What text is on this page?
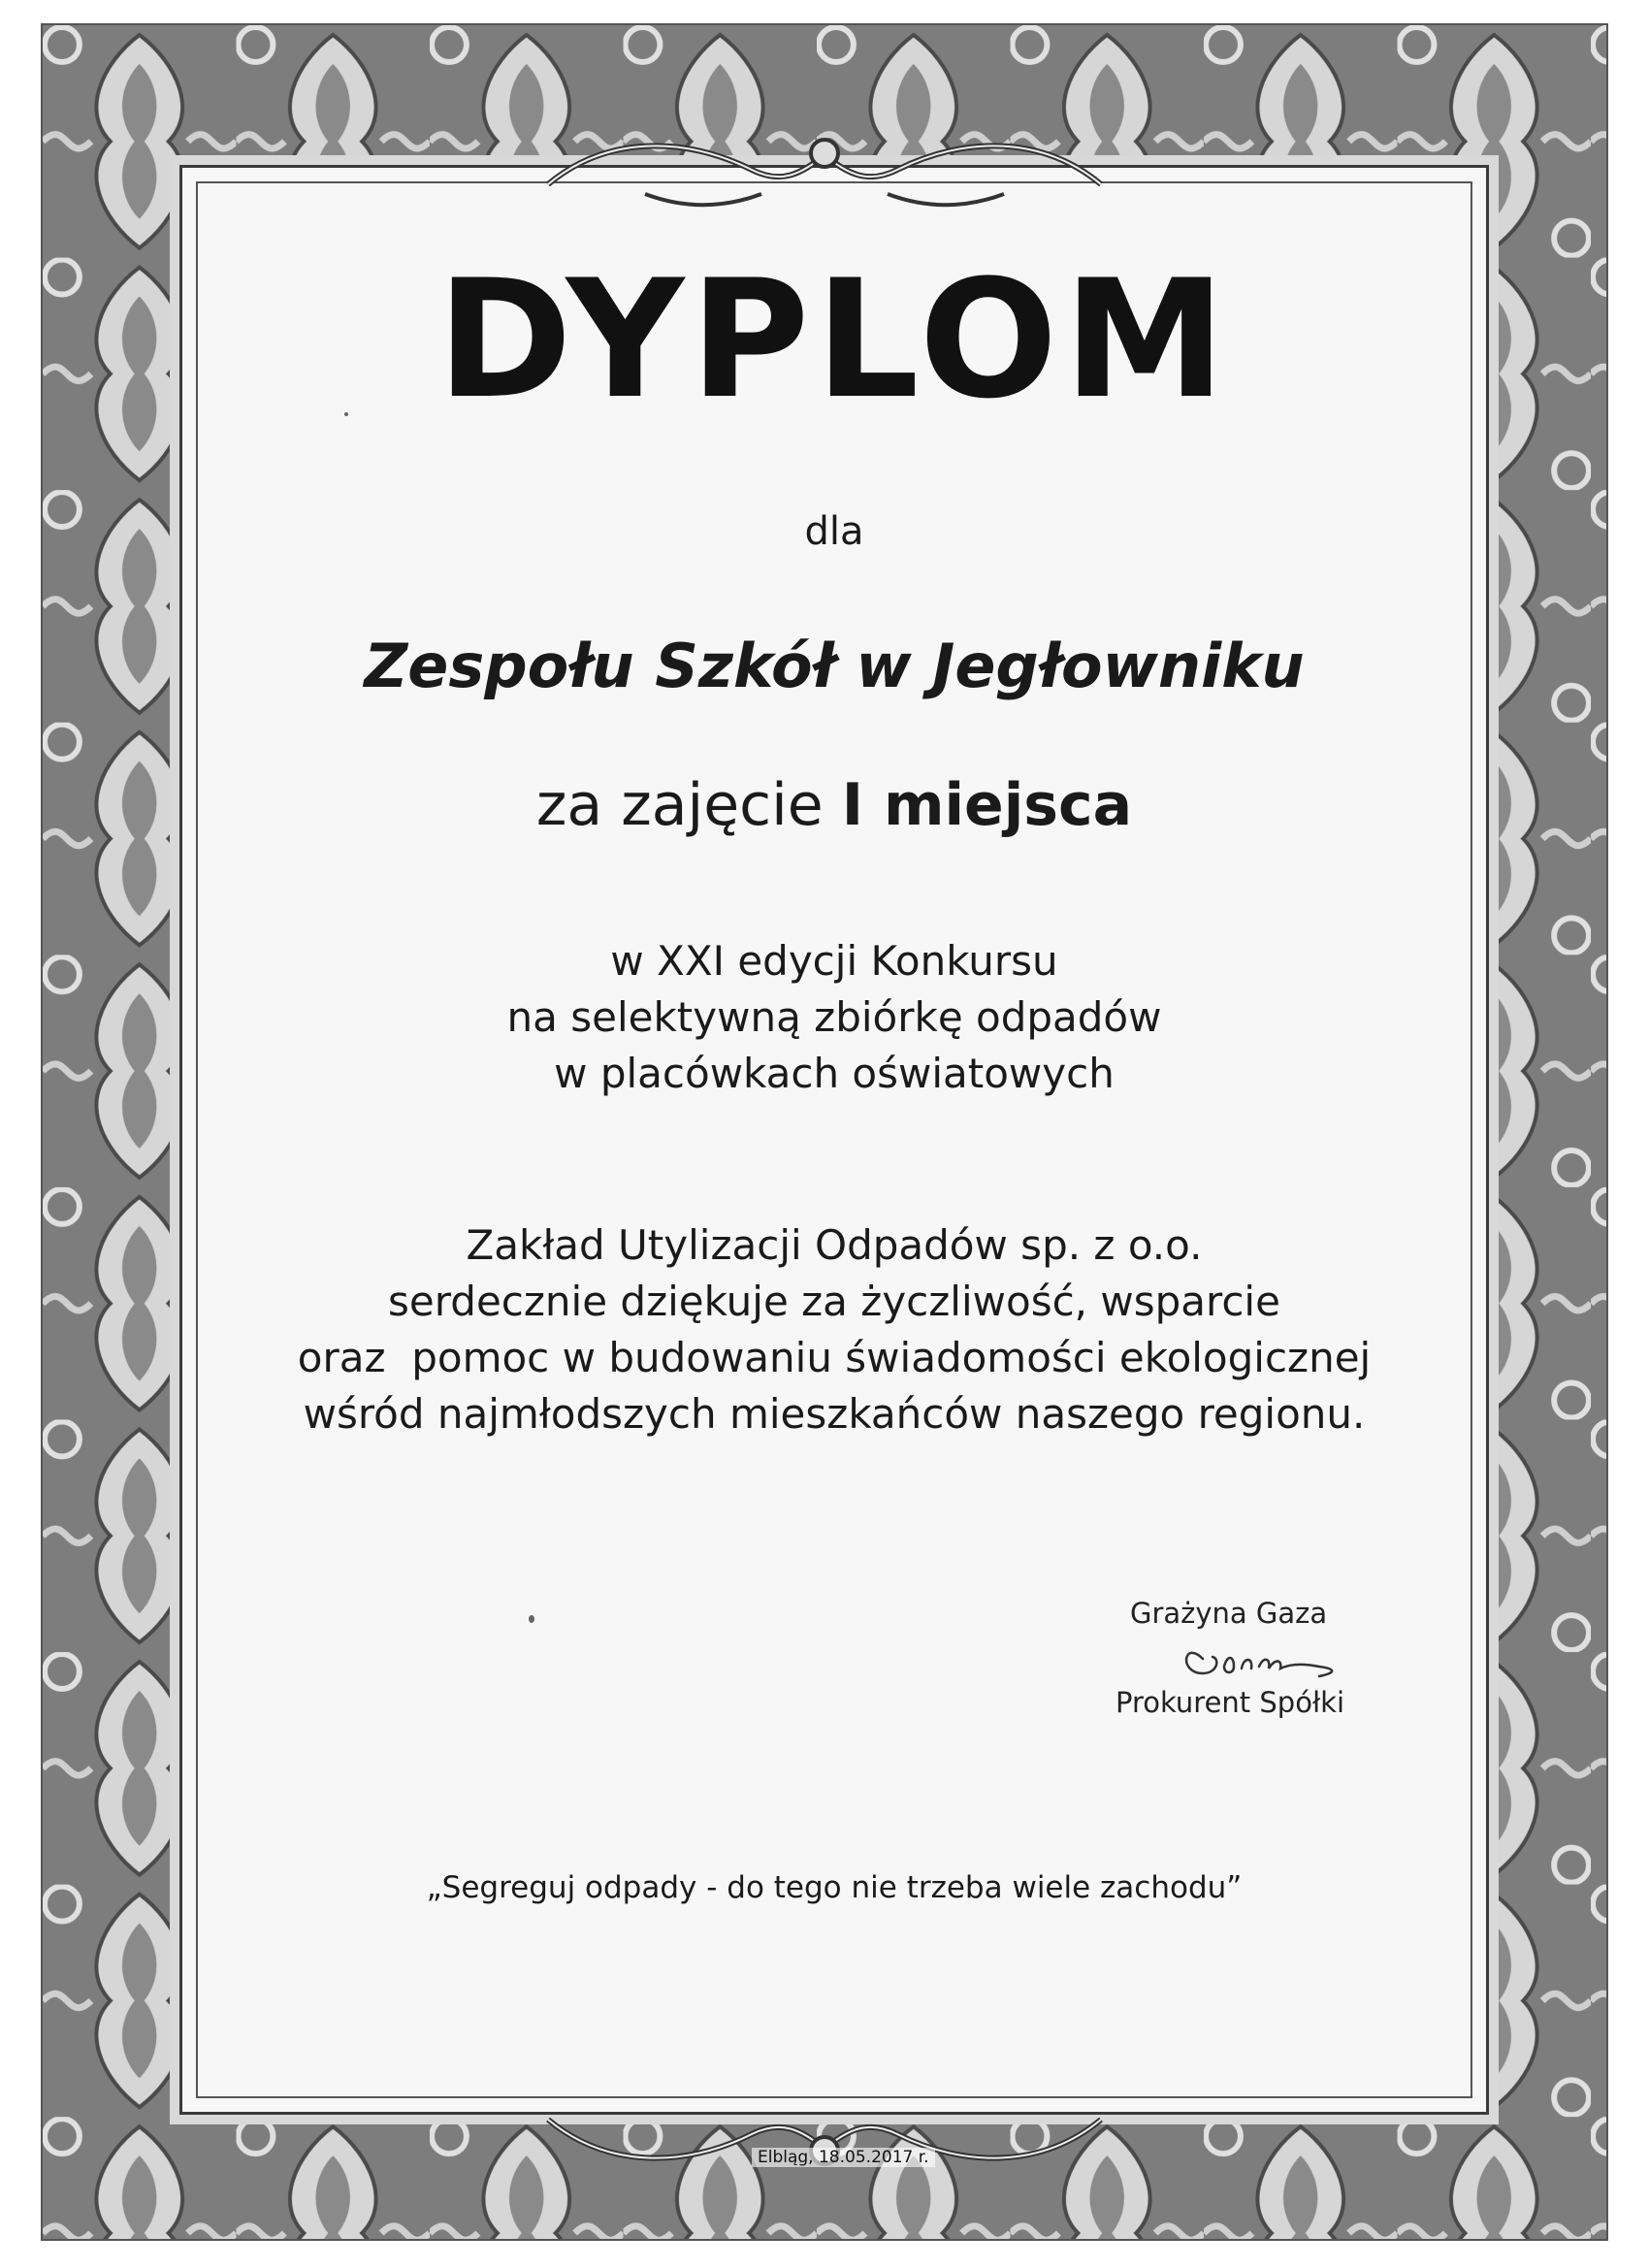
DYPLOM
dla
Zespołu Szkół w Jegłowniku
za zajęcie I miejsca
w XXI edycji Konkursu
na selektywną zbiórkę odpadów
w placówkach oświatowych
Zakład Utylizacji Odpadów sp. z o.o.
serdecznie dziękuje za życzliwość, wsparcie
oraz  pomoc w budowaniu świadomości ekologicznej
wśród najmłodszych mieszkańców naszego regionu.
Grażyna Gaza
Prokurent Spółki
„Segreguj odpady - do tego nie trzeba wiele zachodu”
Elbląg, 18.05.2017 r.
